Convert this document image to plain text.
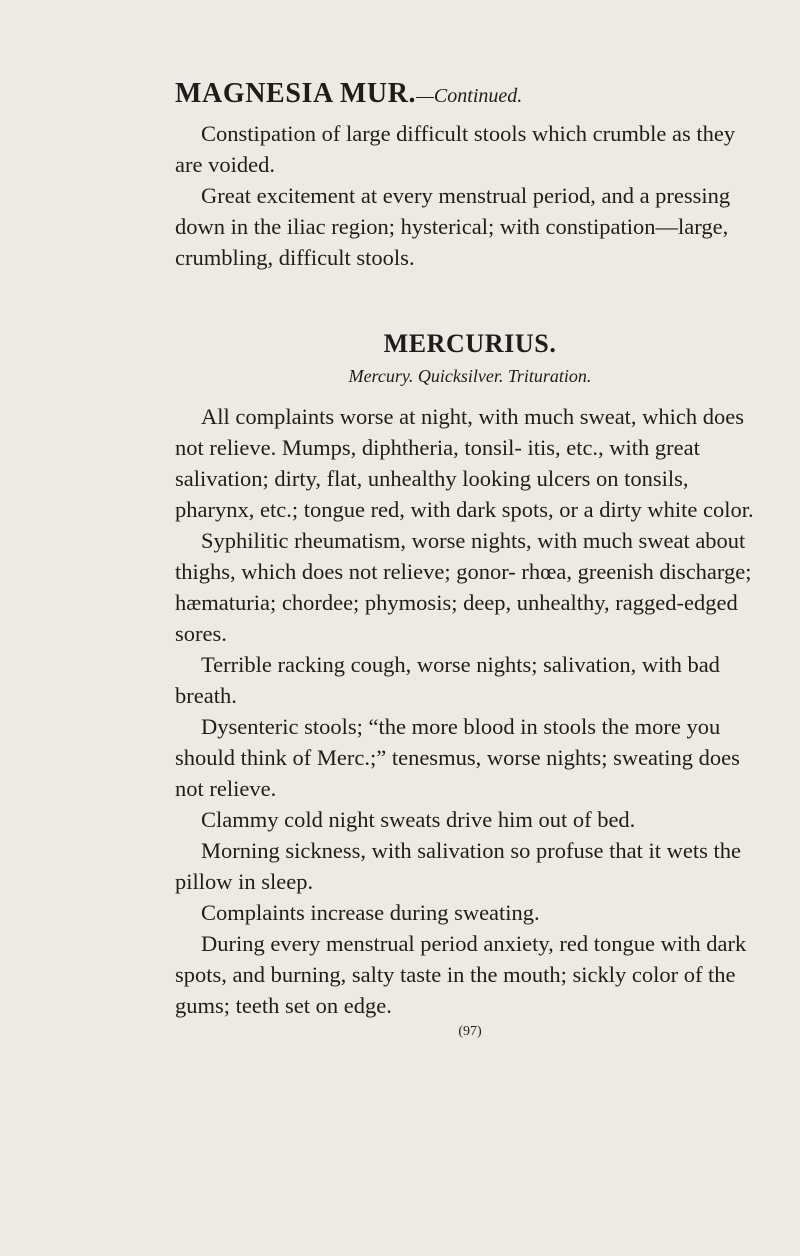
MAGNESIA MUR.—Continued.

Constipation of large difficult stools which crumble as they are voided.

Great excitement at every menstrual period, and a pressing down in the iliac region; hysterical; with constipation—large, crumbling, difficult stools.

MERCURIUS.
Mercury. Quicksilver. Trituration.

All complaints worse at night, with much sweat, which does not relieve. Mumps, diphtheria, tonsil- itis, etc., with great salivation; dirty, flat, unhealthy looking ulcers on tonsils, pharynx, etc.; tongue red, with dark spots, or a dirty white color.

Syphilitic rheumatism, worse nights, with much sweat about thighs, which does not relieve; gonor- rhœa, greenish discharge; hæmaturia; chordee; phymosis; deep, unhealthy, ragged-edged sores.

Terrible racking cough, worse nights; salivation, with bad breath.

Dysenteric stools; “the more blood in stools the more you should think of Merc.;” tenesmus, worse nights; sweating does not relieve.

Clammy cold night sweats drive him out of bed.

Morning sickness, with salivation so profuse that it wets the pillow in sleep.

Complaints increase during sweating.

During every menstrual period anxiety, red tongue with dark spots, and burning, salty taste in the mouth; sickly color of the gums; teeth set on edge.

(97)
